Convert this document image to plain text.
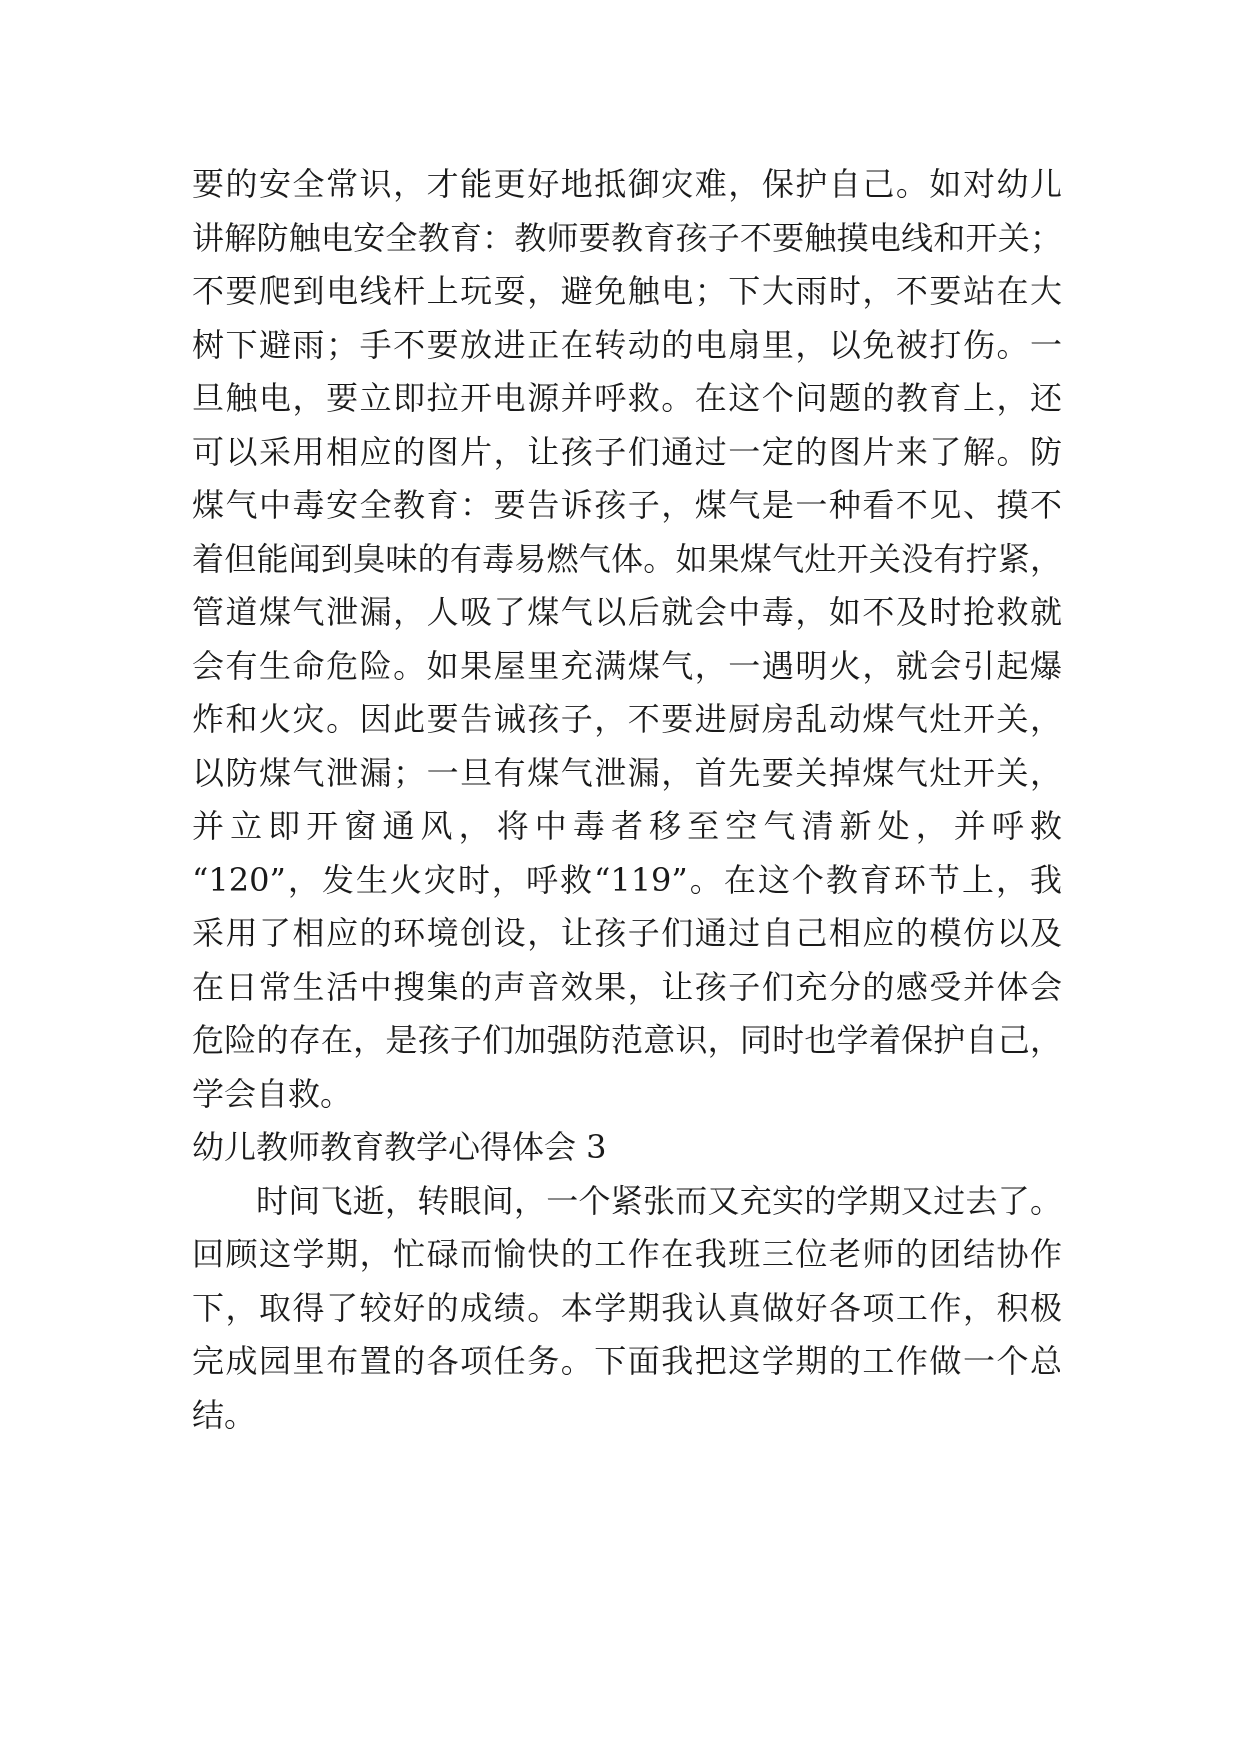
要的安全常识，才能更好地抵御灾难，保护自己。如对幼儿
讲解防触电安全教育：教师要教育孩子不要触摸电线和开关；
不要爬到电线杆上玩耍，避免触电；下大雨时，不要站在大
树下避雨；手不要放进正在转动的电扇里，以免被打伤。一
旦触电，要立即拉开电源并呼救。在这个问题的教育上，还
可以采用相应的图片，让孩子们通过一定的图片来了解。防
煤气中毒安全教育：要告诉孩子，煤气是一种看不见、摸不
着但能闻到臭味的有毒易燃气体。如果煤气灶开关没有拧紧，
管道煤气泄漏，人吸了煤气以后就会中毒，如不及时抢救就
会有生命危险。如果屋里充满煤气，一遇明火，就会引起爆
炸和火灾。因此要告诫孩子，不要进厨房乱动煤气灶开关，
以防煤气泄漏；一旦有煤气泄漏，首先要关掉煤气灶开关，
并立即开窗通风，将中毒者移至空气清新处，并呼救
“120”，发生火灾时，呼救“119”。在这个教育环节上，我
采用了相应的环境创设，让孩子们通过自己相应的模仿以及
在日常生活中搜集的声音效果，让孩子们充分的感受并体会
危险的存在，是孩子们加强防范意识，同时也学着保护自己，
学会自救。
幼儿教师教育教学心得体会 3
时间飞逝，转眼间，一个紧张而又充实的学期又过去了。
回顾这学期，忙碌而愉快的工作在我班三位老师的团结协作
下，取得了较好的成绩。本学期我认真做好各项工作，积极
完成园里布置的各项任务。下面我把这学期的工作做一个总
结。
